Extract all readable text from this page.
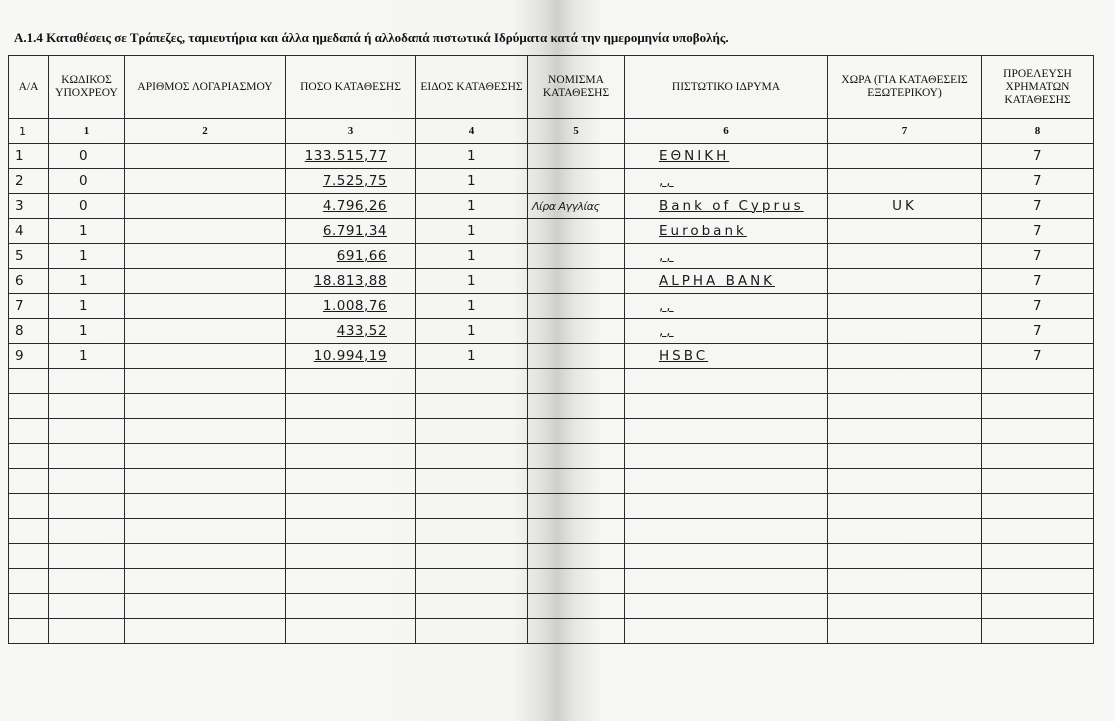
Α.1.4 Καταθέσεις σε Τράπεζες, ταμιευτήρια και άλλα ημεδαπά ή αλλοδαπά πιστωτικά Ιδρύματα κατά την ημερομηνία υποβολής.
Α/Α	ΚΩΔΙΚΟΣ ΥΠΟΧΡΕΟΥ	ΑΡΙΘΜΟΣ ΛΟΓΑΡΙΑΣΜΟΥ	ΠΟΣΟ ΚΑΤΑΘΕΣΗΣ	ΕΙΔΟΣ ΚΑΤΑΘΕΣΗΣ	ΝΟΜΙΣΜΑ ΚΑΤΑΘΕΣΗΣ	ΠΙΣΤΩΤΙΚΟ ΙΔΡΥΜΑ	ΧΩΡΑ (ΓΙΑ ΚΑΤΑΘΕΣΕΙΣ ΕΞΩΤΕΡΙΚΟΥ)	ΠΡΟΕΛΕΥΣΗ ΧΡΗΜΑΤΩΝ ΚΑΤΑΘΕΣΗΣ
1	1	2	3	4	5	6	7	8
1	0		133.515,77	1		ΕΘΝΙΚΗ		7
2	0		7.525,75	1		,,		7
3	0		4.796,26	1	Λίρα Αγγλίας	Bank of Cyprus	UK	7
4	1		6.791,34	1		Eurobank		7
5	1		691,66	1		,,		7
6	1		18.813,88	1		ALPHA BANK		7
7	1		1.008,76	1		,,		7
8	1		433,52	1		,,		7
9	1		10.994,19	1		HSBC		7
